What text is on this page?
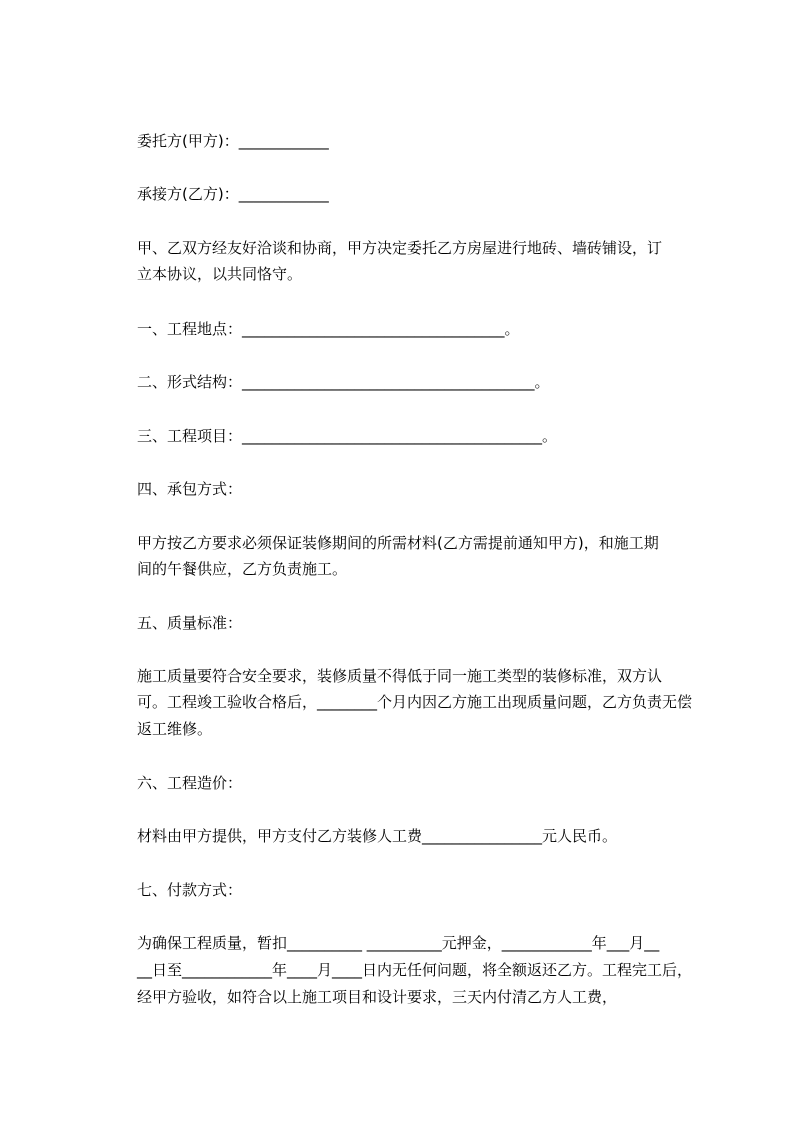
委托方(甲方)：____________
承接方(乙方)：____________
甲、乙双方经友好洽谈和协商，甲方决定委托乙方房屋进行地砖、墙砖铺设，订
立本协议，以共同恪守。
一、工程地点：___________________________________。
二、形式结构：_______________________________________。
三、工程项目：________________________________________。
四、承包方式：
甲方按乙方要求必须保证装修期间的所需材料(乙方需提前通知甲方)，和施工期
间的午餐供应，乙方负责施工。
五、质量标准：
施工质量要符合安全要求，装修质量不得低于同一施工类型的装修标准，双方认
可。工程竣工验收合格后，________个月内因乙方施工出现质量问题，乙方负责无偿
返工维修。
六、工程造价：
材料由甲方提供，甲方支付乙方装修人工费________________元人民币。
七、付款方式：
为确保工程质量，暂扣__________ __________元押金，____________年___月__
__日至____________年____月____日内无任何问题，将全额返还乙方。工程完工后，
经甲方验收，如符合以上施工项目和设计要求，三天内付清乙方人工费，
